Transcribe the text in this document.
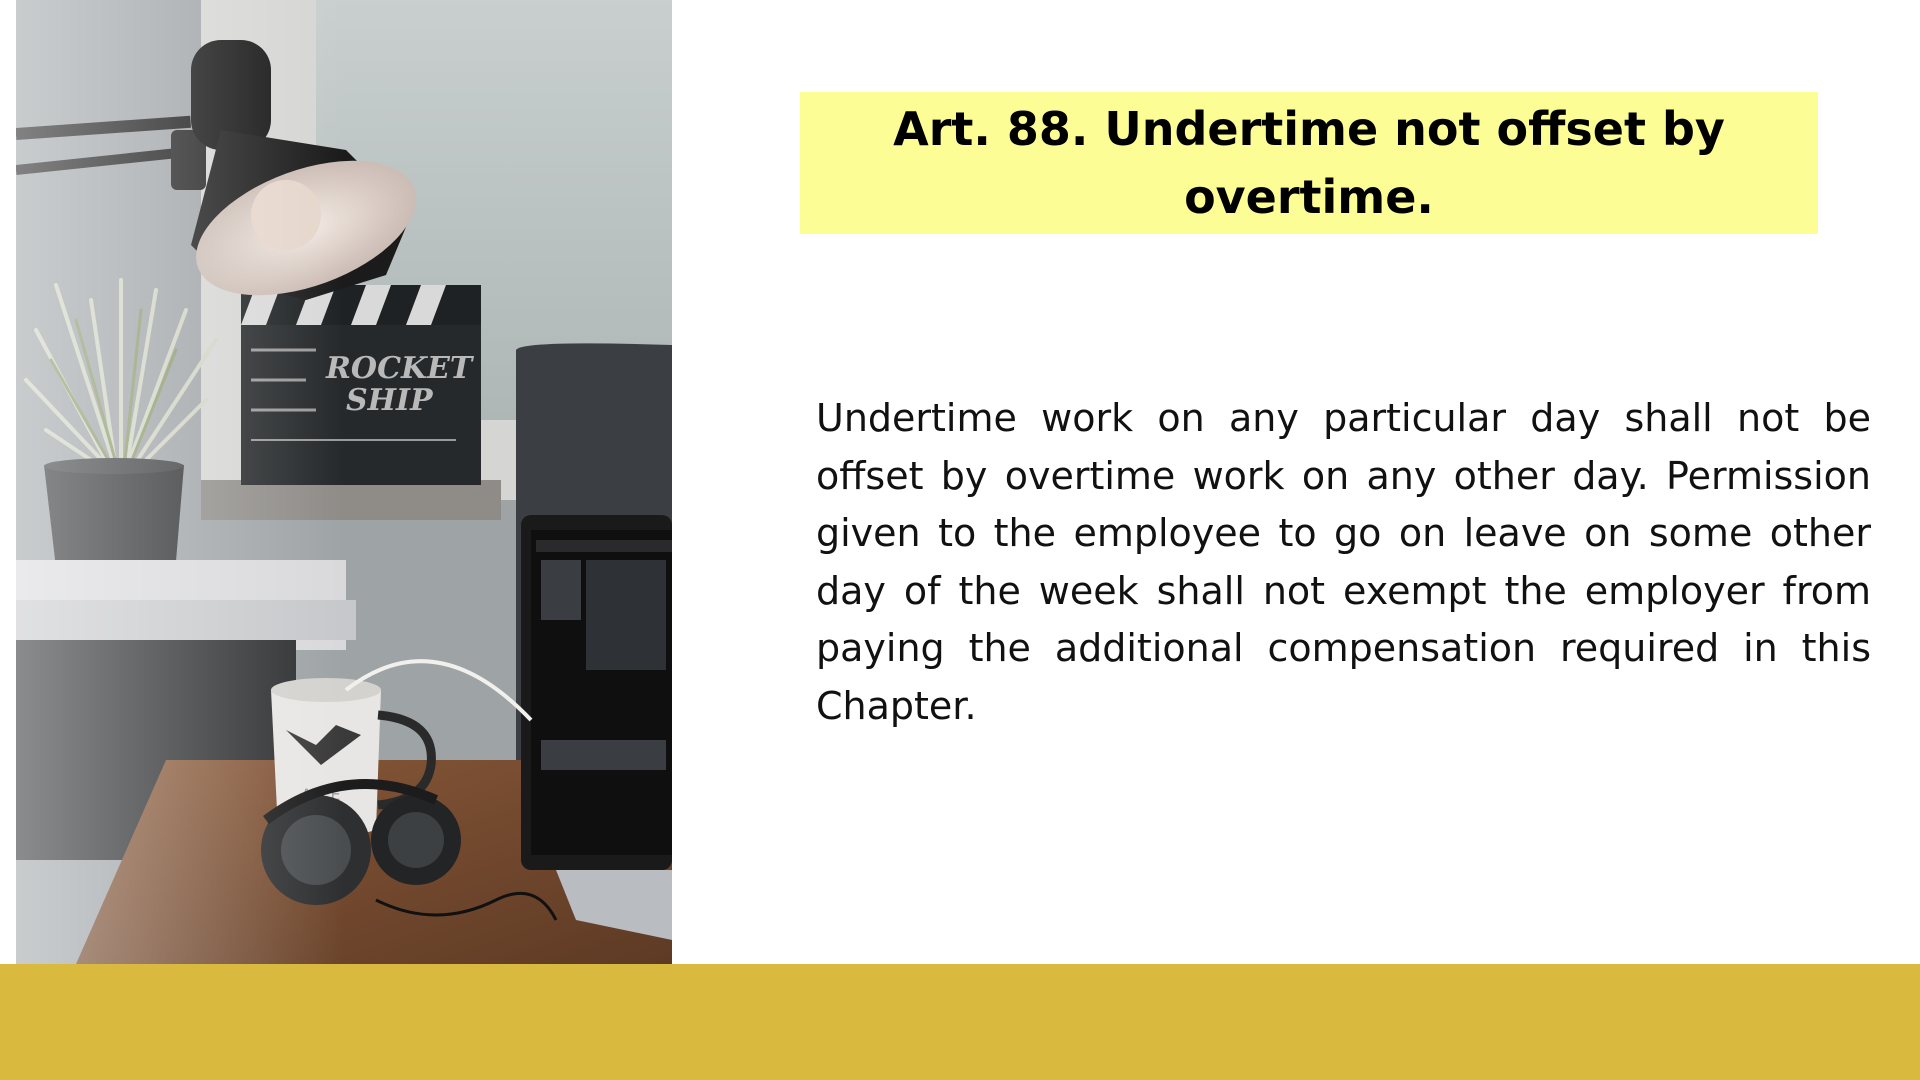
Art. 88. Undertime not offset by overtime.
Undertime work on any particular day shall not be offset by overtime work on any other day. Permission given to the employee to go on leave on some other day of the week shall not exempt the employer from paying the additional compensation required in this Chapter.
